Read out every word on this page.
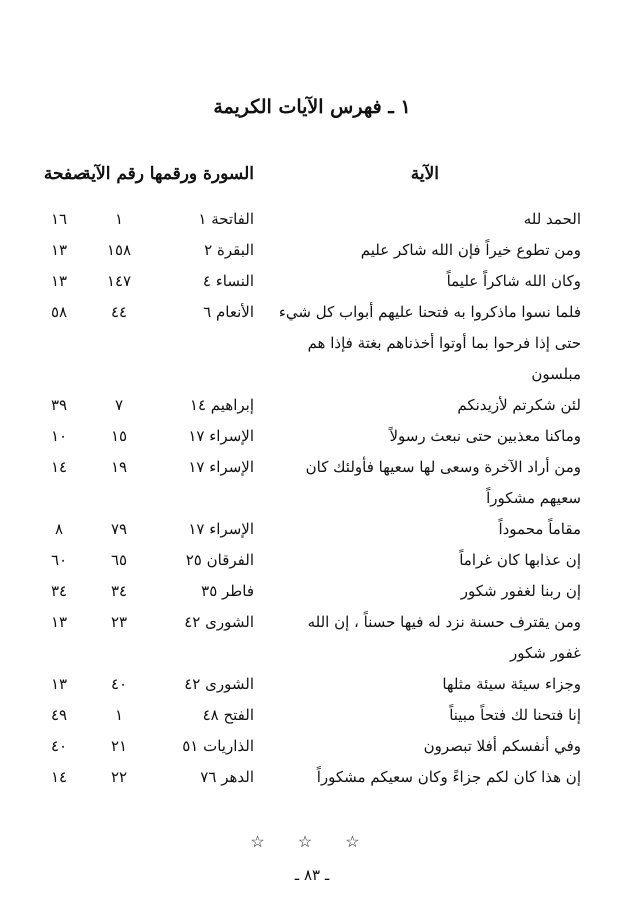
١ ـ فهرس الآيات الكريمة
الآية
السورة ورقمها
رقم الآية
صفحة
الحمد لله
الفاتحة ١
١
١٦
ومن تطوع خيراً فإن الله شاكر عليم
البقرة ٢
١٥٨
١٣
وكان الله شاكراً عليماً
النساء ٤
١٤٧
١٣
فلما نسوا ماذكروا به فتحنا عليهم أبواب كل شيء
حتى إذا فرحوا بما أوتوا أخذناهم بغتة فإذا هم
مبلسون
الأنعام ٦
٤٤
٥٨
لئن شكرتم لأزيدنكم
إبراهيم ١٤
٧
٣٩
وماكنا معذبين حتى نبعث رسولاً
الإسراء ١٧
١٥
١٠
ومن أراد الآخرة وسعى لها سعيها فأولئك كان
سعيهم مشكوراً
الإسراء ١٧
١٩
١٤
مقاماً محموداً
الإسراء ١٧
٧٩
٨
إن عذابها كان غراماً
الفرقان ٢٥
٦٥
٦٠
إن ربنا لغفور شكور
فاطر ٣٥
٣٤
٣٤
ومن يقترف حسنة نزد له فيها حسناً ، إن الله
غفور شكور
الشورى ٤٢
٢٣
١٣
وجزاء سيئة سيئة مثلها
الشورى ٤٢
٤٠
١٣
إنا فتحنا لك فتحاً مبيناً
الفتح ٤٨
١
٤٩
وفي أنفسكم أفلا تبصرون
الذاريات ٥١
٢١
٤٠
إن هذا كان لكم جزاءً وكان سعيكم مشكوراً
الدهر ٧٦
٢٢
١٤
☆ ☆ ☆
ـ ٨٣ ـ
